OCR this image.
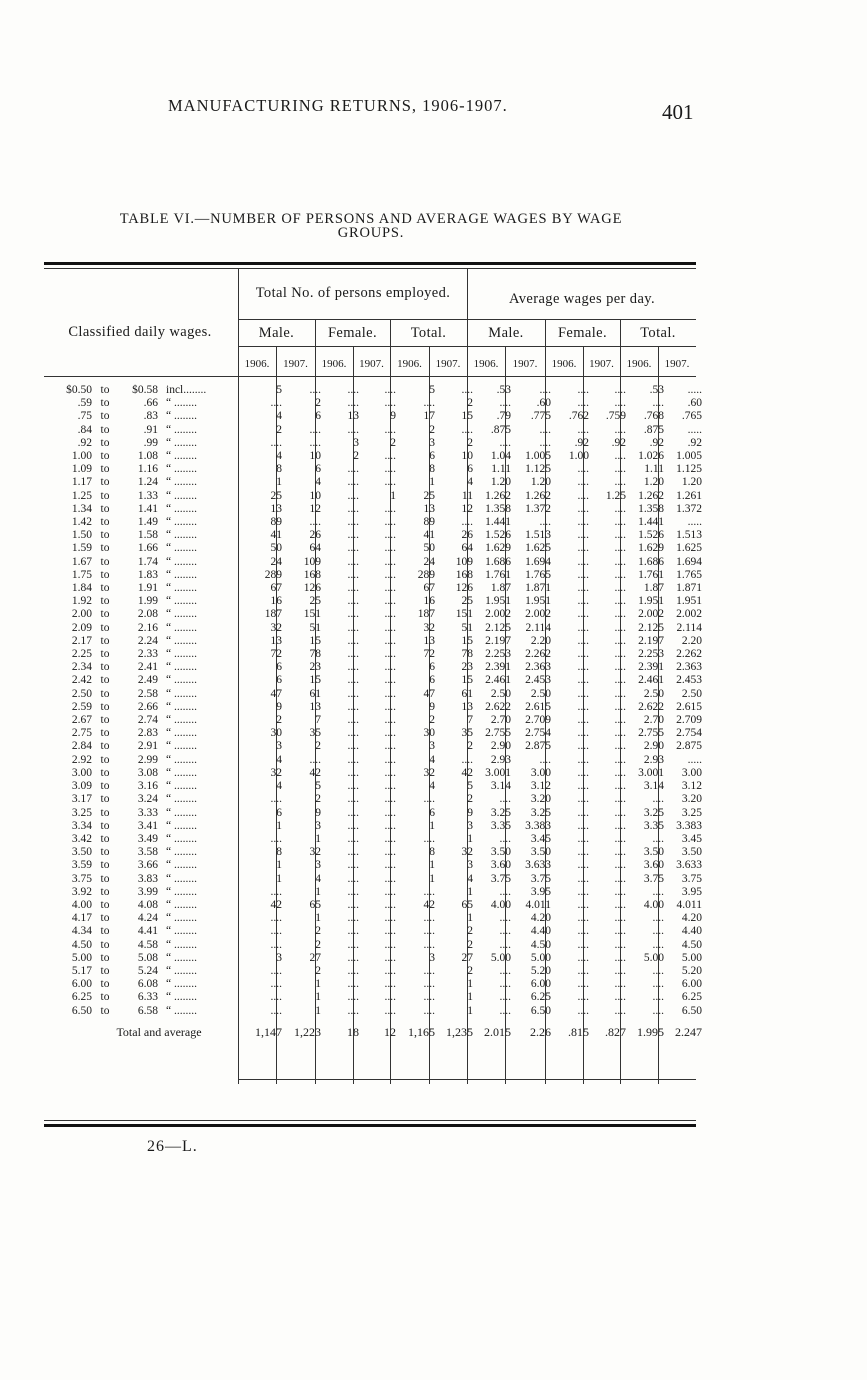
MANUFACTURING RETURNS, 1906-1907.	401
TABLE VI.—NUMBER OF PERSONS AND AVERAGE WAGES BY WAGE
GROUPS.
Classified daily wages.
Total No. of persons employed.	Average wages per day.
Male.	Female.	Total.	Male.	Female.	Total.
1906.	1907.	1906.	1907.	1906.	1907.	1906.	1907.	1906.	1907.	1906.	1907.
$0.50 to $0.58 incl........	5	....	....	....	5	....	.53	....	....	....	.53	.....
.59 to .66 “ ........	....	2	....	....	....	2	....	.60	....	....	....	.60
.75 to .83 “ ........	4	6	13	9	17	15	.79	.775	.762	.759	.768	.765
.84 to .91 “ ........	2	....	....	....	2	....	.875	....	....	....	.875	.....
.92 to .99 “ ........	....	....	3	2	3	2	....	....	.92	.92	.92	.92
1.00 to 1.08 “ ........	4	10	2	....	6	10	1.04	1.005	1.00	....	1.026	1.005
1.09 to 1.16 “ ........	8	6	....	....	8	6	1.11	1.125	....	....	1.11	1.125
1.17 to 1.24 “ ........	1	4	....	....	1	4	1.20	1.20	....	....	1.20	1.20
1.25 to 1.33 “ ........	25	10	....	1	25	11	1.262	1.262	....	1.25	1.262	1.261
1.34 to 1.41 “ ........	13	12	....	....	13	12	1.358	1.372	....	....	1.358	1.372
1.42 to 1.49 “ ........	89	....	....	....	89	....	1.441	....	....	....	1.441	.....
1.50 to 1.58 “ ........	41	26	....	....	41	26	1.526	1.513	....	....	1.526	1.513
1.59 to 1.66 “ ........	50	64	....	....	50	64	1.629	1.625	....	....	1.629	1.625
1.67 to 1.74 “ ........	24	109	....	....	24	109	1.686	1.694	....	....	1.686	1.694
1.75 to 1.83 “ ........	289	168	....	....	289	168	1.761	1.765	....	....	1.761	1.765
1.84 to 1.91 “ ........	67	126	....	....	67	126	1.87	1.871	....	....	1.87	1.871
1.92 to 1.99 “ ........	16	25	....	....	16	25	1.951	1.951	....	....	1.951	1.951
2.00 to 2.08 “ ........	187	151	....	....	187	151	2.002	2.002	....	....	2.002	2.002
2.09 to 2.16 “ ........	32	51	....	....	32	51	2.125	2.114	....	....	2.125	2.114
2.17 to 2.24 “ ........	13	15	....	....	13	15	2.197	2.20	....	....	2.197	2.20
2.25 to 2.33 “ ........	72	78	....	....	72	78	2.253	2.262	....	....	2.253	2.262
2.34 to 2.41 “ ........	6	23	....	....	6	23	2.391	2.363	....	....	2.391	2.363
2.42 to 2.49 “ ........	6	15	....	....	6	15	2.461	2.453	....	....	2.461	2.453
2.50 to 2.58 “ ........	47	61	....	....	47	61	2.50	2.50	....	....	2.50	2.50
2.59 to 2.66 “ ........	9	13	....	....	9	13	2.622	2.615	....	....	2.622	2.615
2.67 to 2.74 “ ........	2	7	....	....	2	7	2.70	2.709	....	....	2.70	2.709
2.75 to 2.83 “ ........	30	35	....	....	30	35	2.755	2.754	....	....	2.755	2.754
2.84 to 2.91 “ ........	3	2	....	....	3	2	2.90	2.875	....	....	2.90	2.875
2.92 to 2.99 “ ........	4	....	....	....	4	....	2.93	....	....	....	2.93	.....
3.00 to 3.08 “ ........	32	42	....	....	32	42	3.001	3.00	....	....	3.001	3.00
3.09 to 3.16 “ ........	4	5	....	....	4	5	3.14	3.12	....	....	3.14	3.12
3.17 to 3.24 “ ........	....	2	....	....	....	2	....	3.20	....	....	....	3.20
3.25 to 3.33 “ ........	6	9	....	....	6	9	3.25	3.25	....	....	3.25	3.25
3.34 to 3.41 “ ........	1	3	....	....	1	3	3.35	3.383	....	....	3.35	3.383
3.42 to 3.49 “ ........	....	1	....	....	....	1	....	3.45	....	....	....	3.45
3.50 to 3.58 “ ........	8	32	....	....	8	32	3.50	3.50	....	....	3.50	3.50
3.59 to 3.66 “ ........	1	3	....	....	1	3	3.60	3.633	....	....	3.60	3.633
3.75 to 3.83 “ ........	1	4	....	....	1	4	3.75	3.75	....	....	3.75	3.75
3.92 to 3.99 “ ........	....	1	....	....	....	1	....	3.95	....	....	....	3.95
4.00 to 4.08 “ ........	42	65	....	....	42	65	4.00	4.011	....	....	4.00	4.011
4.17 to 4.24 “ ........	....	1	....	....	....	1	....	4.20	....	....	....	4.20
4.34 to 4.41 “ ........	....	2	....	....	....	2	....	4.40	....	....	....	4.40
4.50 to 4.58 “ ........	....	2	....	....	....	2	....	4.50	....	....	....	4.50
5.00 to 5.08 “ ........	3	27	....	....	3	27	5.00	5.00	....	....	5.00	5.00
5.17 to 5.24 “ ........	....	2	....	....	....	2	....	5.20	....	....	....	5.20
6.00 to 6.08 “ ........	....	1	....	....	....	1	....	6.00	....	....	....	6.00
6.25 to 6.33 “ ........	....	1	....	....	....	1	....	6.25	....	....	....	6.25
6.50 to 6.58 “ ........	....	1	....	....	....	1	....	6.50	....	....	....	6.50
Total and average	1,147	1,223	18	12	1,165	1,235	2.015	2.26	.815	.827	1.995	2.247
26—L.
